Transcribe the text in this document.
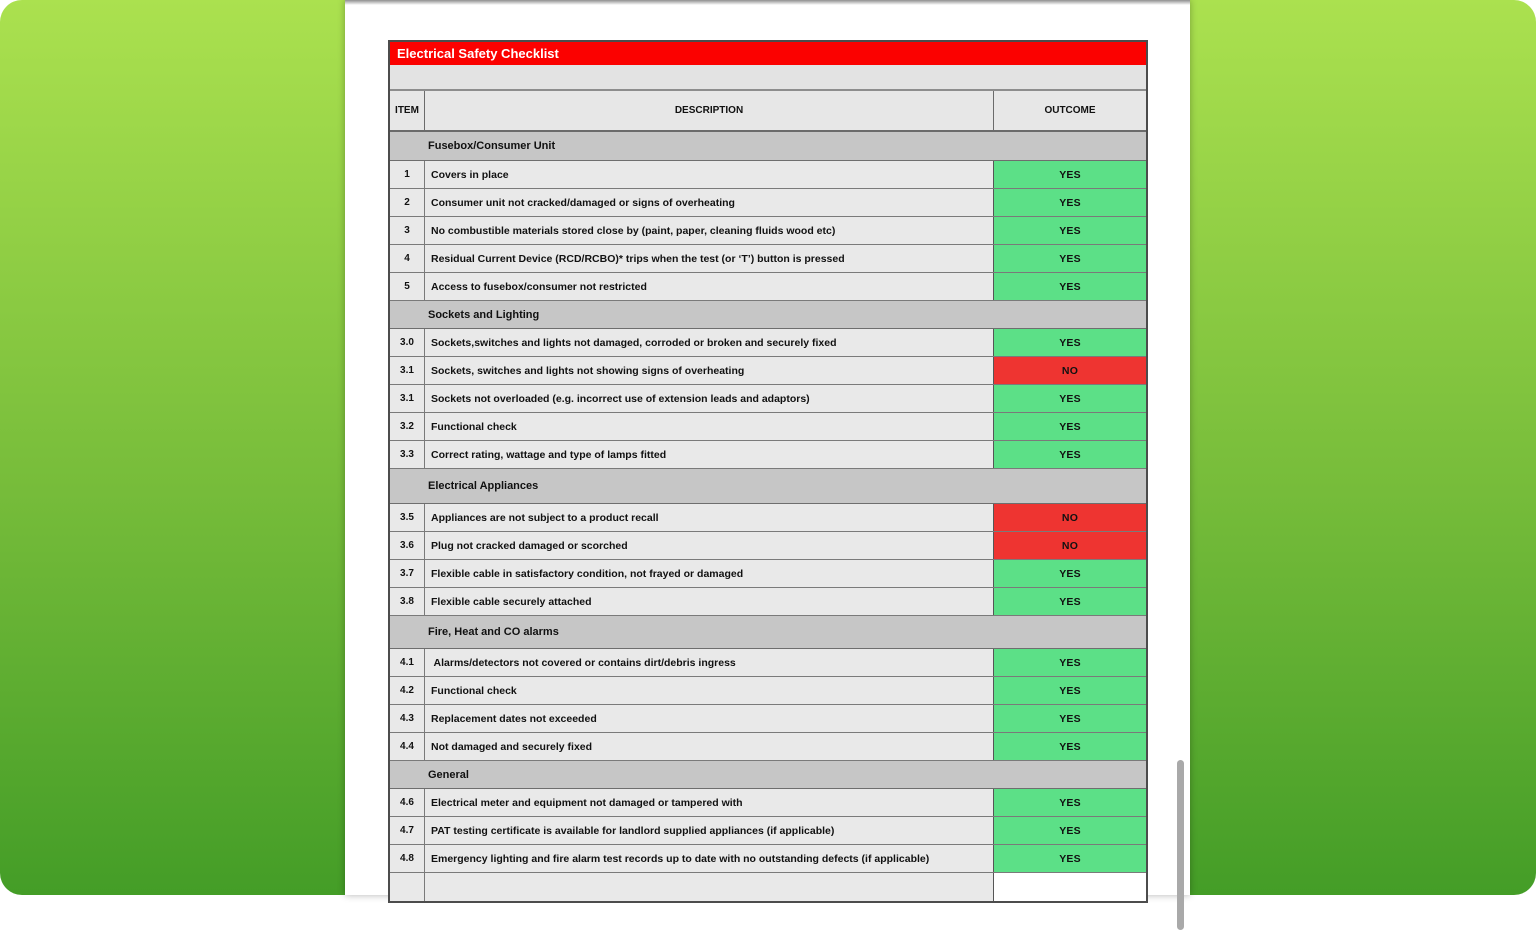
Electrical Safety Checklist
ITEM	DESCRIPTION	OUTCOME
Fusebox/Consumer Unit
1	Covers in place	YES
2	Consumer unit not cracked/damaged or signs of overheating	YES
3	No combustible materials stored close by (paint, paper, cleaning fluids wood etc)	YES
4	Residual Current Device (RCD/RCBO)* trips when the test (or ‘T’) button is pressed	YES
5	Access to fusebox/consumer not restricted	YES
Sockets and Lighting
3.0	Sockets,switches and lights not damaged, corroded or broken and securely fixed	YES
3.1	Sockets, switches and lights not showing signs of overheating	NO
3.1	Sockets not overloaded (e.g. incorrect use of extension leads and adaptors)	YES
3.2	Functional check	YES
3.3	Correct rating, wattage and type of lamps fitted	YES
Electrical Appliances
3.5	Appliances are not subject to a product recall	NO
3.6	Plug not cracked damaged or scorched	NO
3.7	Flexible cable in satisfactory condition, not frayed or damaged	YES
3.8	Flexible cable securely attached	YES
Fire, Heat and CO alarms
4.1	Alarms/detectors not covered or contains dirt/debris ingress	YES
4.2	Functional check	YES
4.3	Replacement dates not exceeded	YES
4.4	Not damaged and securely fixed	YES
General
4.6	Electrical meter and equipment not damaged or tampered with	YES
4.7	PAT testing certificate is available for landlord supplied appliances (if applicable)	YES
4.8	Emergency lighting and fire alarm test records up to date with no outstanding defects (if applicable)	YES
